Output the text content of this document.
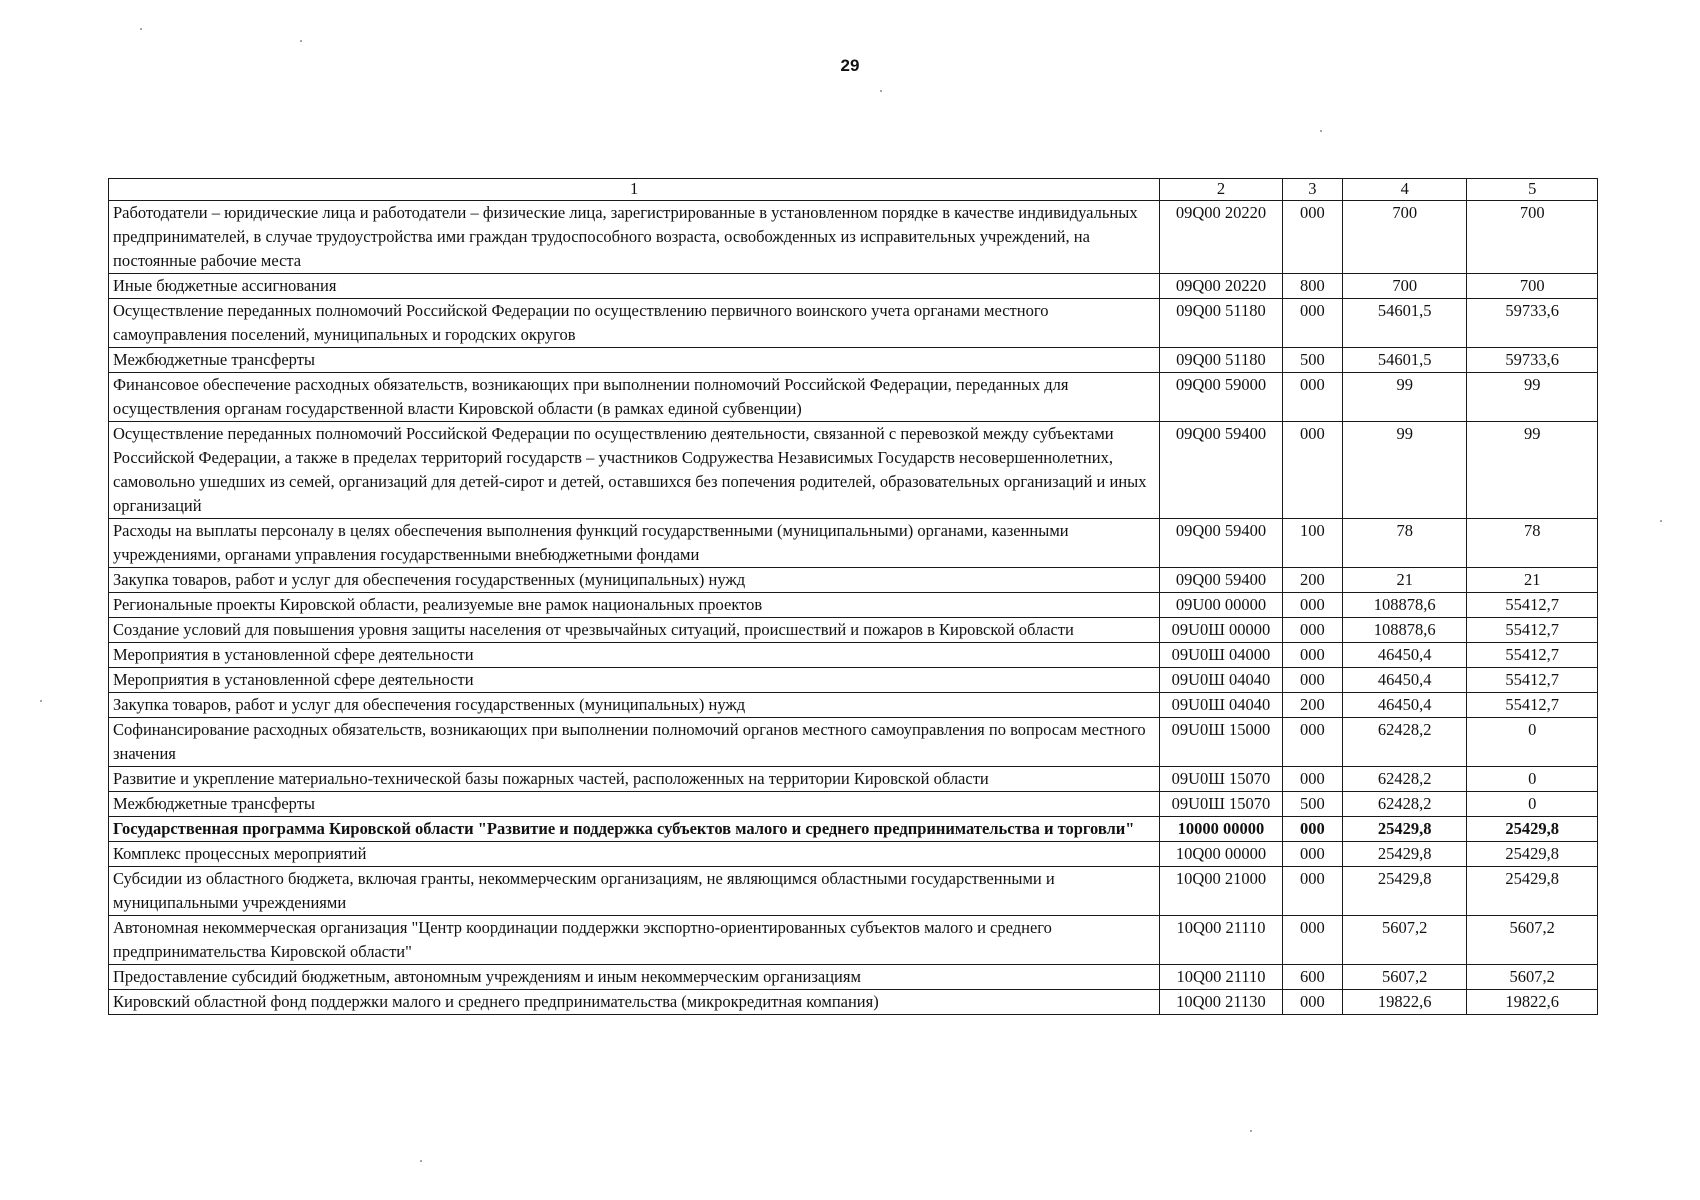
29
1	2	3	4	5
Работодатели – юридические лица и работодатели – физические лица, зарегистрированные в установленном порядке в качестве индивидуальных предпринимателей, в случае трудоустройства ими граждан трудоспособного возраста, освобожденных из исправительных учреждений, на постоянные рабочие места	09Q00 20220	000	700	700
Иные бюджетные ассигнования	09Q00 20220	800	700	700
Осуществление переданных полномочий Российской Федерации по осуществлению первичного воинского учета органами местного самоуправления поселений, муниципальных и городских округов	09Q00 51180	000	54601,5	59733,6
Межбюджетные трансферты	09Q00 51180	500	54601,5	59733,6
Финансовое обеспечение расходных обязательств, возникающих при выполнении полномочий Российской Федерации, переданных для осуществления органам государственной власти Кировской области (в рамках единой субвенции)	09Q00 59000	000	99	99
Осуществление переданных полномочий Российской Федерации по осуществлению деятельности, связанной с перевозкой между субъектами Российской Федерации, а также в пределах территорий государств – участников Содружества Независимых Государств несовершеннолетних, самовольно ушедших из семей, организаций для детей-сирот и детей, оставшихся без попечения родителей, образовательных организаций и иных организаций	09Q00 59400	000	99	99
Расходы на выплаты персоналу в целях обеспечения выполнения функций государственными (муниципальными) органами, казенными учреждениями, органами управления государственными внебюджетными фондами	09Q00 59400	100	78	78
Закупка товаров, работ и услуг для обеспечения государственных (муниципальных) нужд	09Q00 59400	200	21	21
Региональные проекты Кировской области, реализуемые вне рамок национальных проектов	09U00 00000	000	108878,6	55412,7
Создание условий для повышения уровня защиты населения от чрезвычайных ситуаций, происшествий и пожаров в Кировской области	09U0Ш 00000	000	108878,6	55412,7
Мероприятия в установленной сфере деятельности	09U0Ш 04000	000	46450,4	55412,7
Мероприятия в установленной сфере деятельности	09U0Ш 04040	000	46450,4	55412,7
Закупка товаров, работ и услуг для обеспечения государственных (муниципальных) нужд	09U0Ш 04040	200	46450,4	55412,7
Софинансирование расходных обязательств, возникающих при выполнении полномочий органов местного самоуправления по вопросам местного значения	09U0Ш 15000	000	62428,2	0
Развитие и укрепление материально-технической базы пожарных частей, расположенных на территории Кировской области	09U0Ш 15070	000	62428,2	0
Межбюджетные трансферты	09U0Ш 15070	500	62428,2	0
Государственная программа Кировской области "Развитие и поддержка субъектов малого и среднего предпринимательства и торговли"	10000 00000	000	25429,8	25429,8
Комплекс процессных мероприятий	10Q00 00000	000	25429,8	25429,8
Субсидии из областного бюджета, включая гранты, некоммерческим организациям, не являющимся областными государственными и муниципальными учреждениями	10Q00 21000	000	25429,8	25429,8
Автономная некоммерческая организация "Центр координации поддержки экспортно-ориентированных субъектов малого и среднего предпринимательства Кировской области"	10Q00 21110	000	5607,2	5607,2
Предоставление субсидий бюджетным, автономным учреждениям и иным некоммерческим организациям	10Q00 21110	600	5607,2	5607,2
Кировский областной фонд поддержки малого и среднего предпринимательства (микрокредитная компания)	10Q00 21130	000	19822,6	19822,6
